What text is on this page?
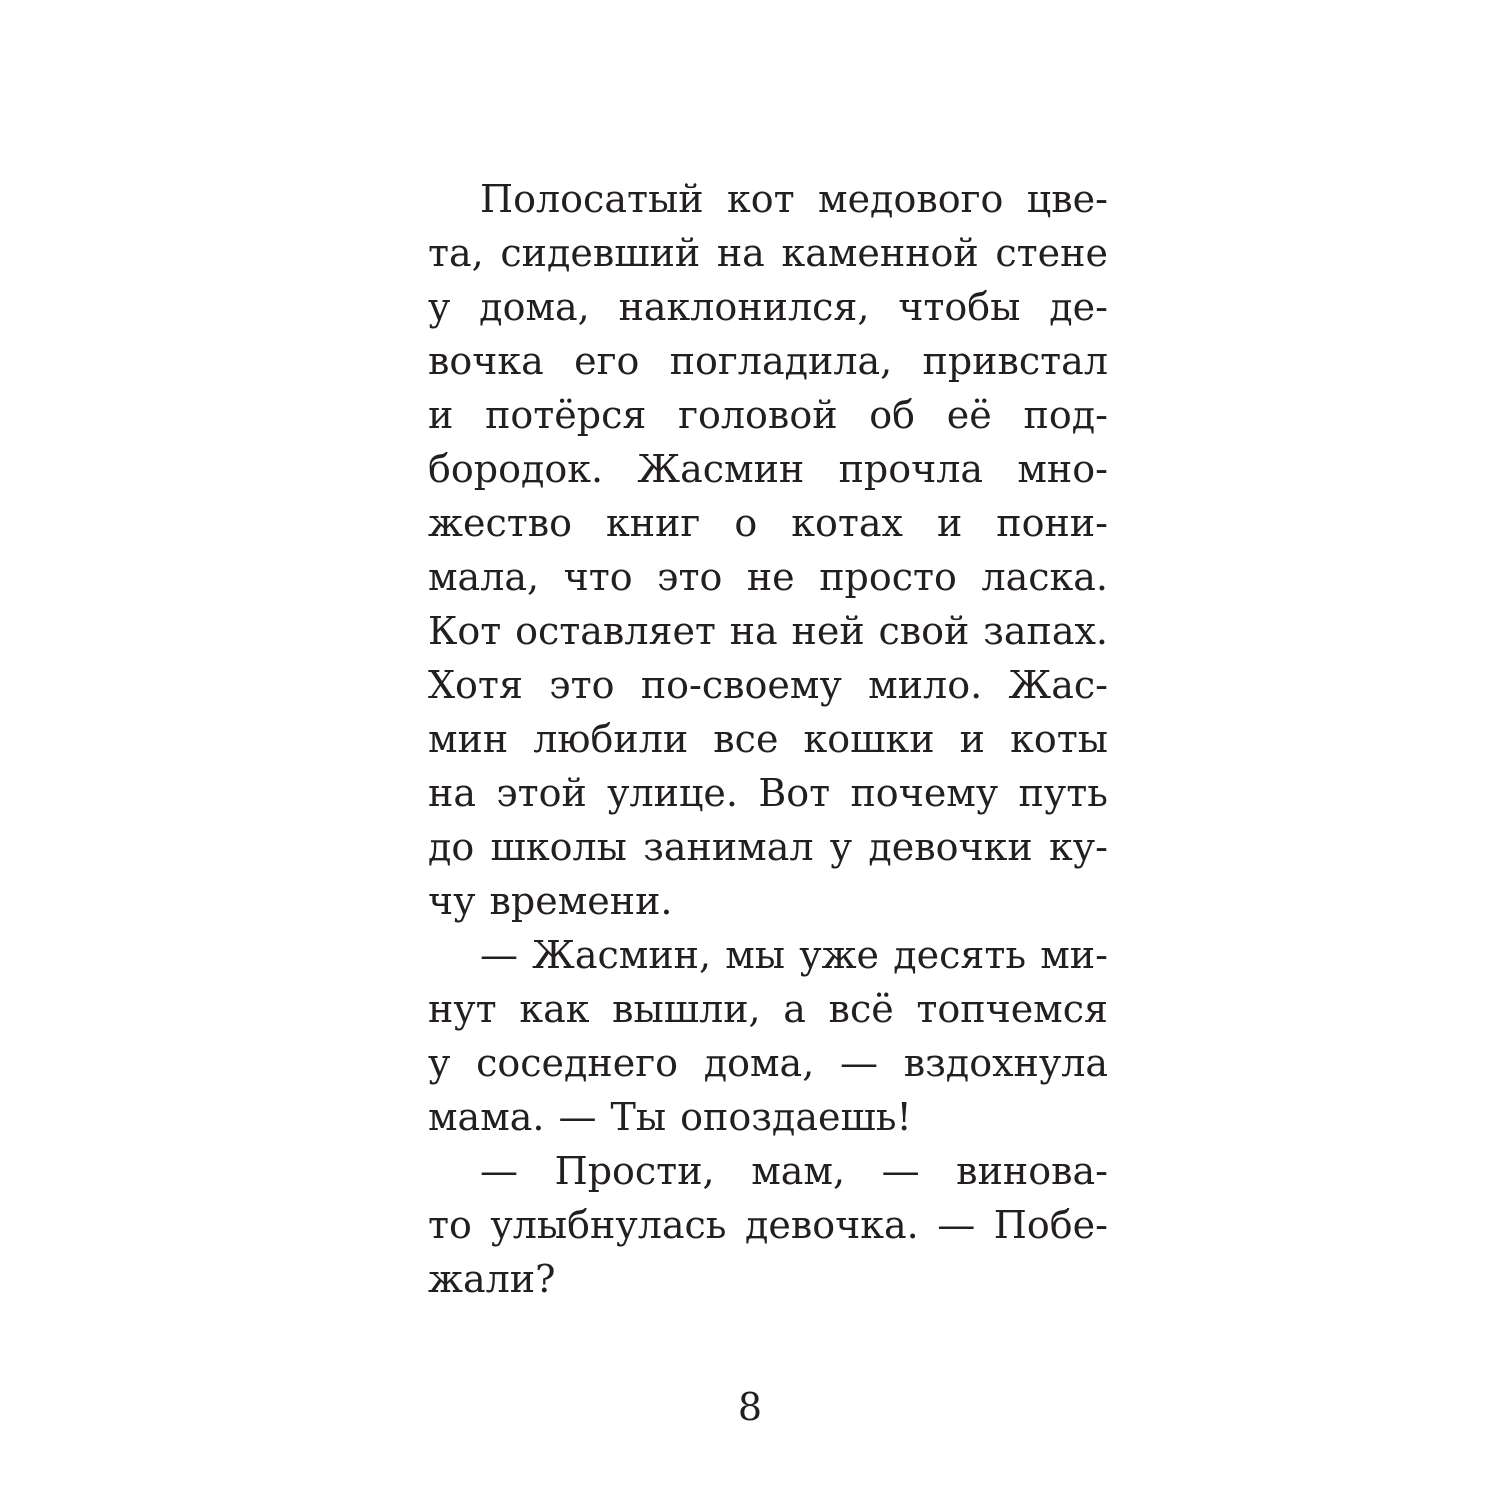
Полосатый кот медового цве-
та, сидевший на каменной стене
у дома, наклонился, чтобы де-
вочка его погладила, привстал
и потёрся головой об её под-
бородок. Жасмин прочла мно-
жество книг о котах и пони-
мала, что это не просто ласка.
Кот оставляет на ней свой запах.
Хотя это по-своему мило. Жас-
мин любили все кошки и коты
на этой улице. Вот почему путь
до школы занимал у девочки ку-
чу времени.
— Жасмин, мы уже десять ми-
нут как вышли, а всё топчемся
у соседнего дома, — вздохнула
мама. — Ты опоздаешь!
— Прости, мам, — винова-
то улыбнулась девочка. — Побе-
жали?
8
